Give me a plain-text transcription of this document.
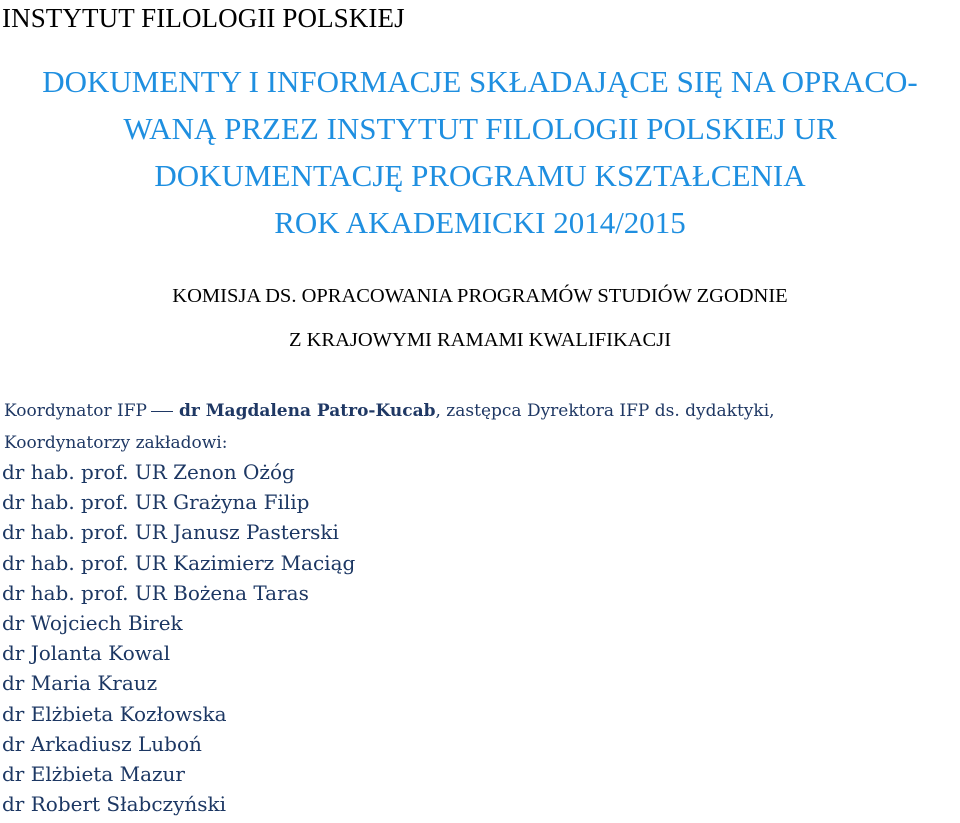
INSTYTUT FILOLOGII POLSKIEJ
DOKUMENTY I INFORMACJE SKŁADAJĄCE SIĘ NA OPRACO-
WANĄ PRZEZ INSTYTUT FILOLOGII POLSKIEJ UR
DOKUMENTACJĘ PROGRAMU KSZTAŁCENIA
ROK AKADEMICKI 2014/2015
KOMISJA DS. OPRACOWANIA PROGRAMÓW STUDIÓW ZGODNIE
Z KRAJOWYMI RAMAMI KWALIFIKACJI
Koordynator IFP dr Magdalena Patro-Kucab, zastępca Dyrektora IFP ds. dydaktyki,
Koordynatorzy zakładowi:
dr hab. prof. UR Zenon Ożóg
dr hab. prof. UR Grażyna Filip
dr hab. prof. UR Janusz Pasterski
dr hab. prof. UR Kazimierz Maciąg
dr hab. prof. UR Bożena Taras
dr Wojciech Birek
dr Jolanta Kowal
dr Maria Krauz
dr Elżbieta Kozłowska
dr Arkadiusz Luboń
dr Elżbieta Mazur
dr Robert Słabczyński
